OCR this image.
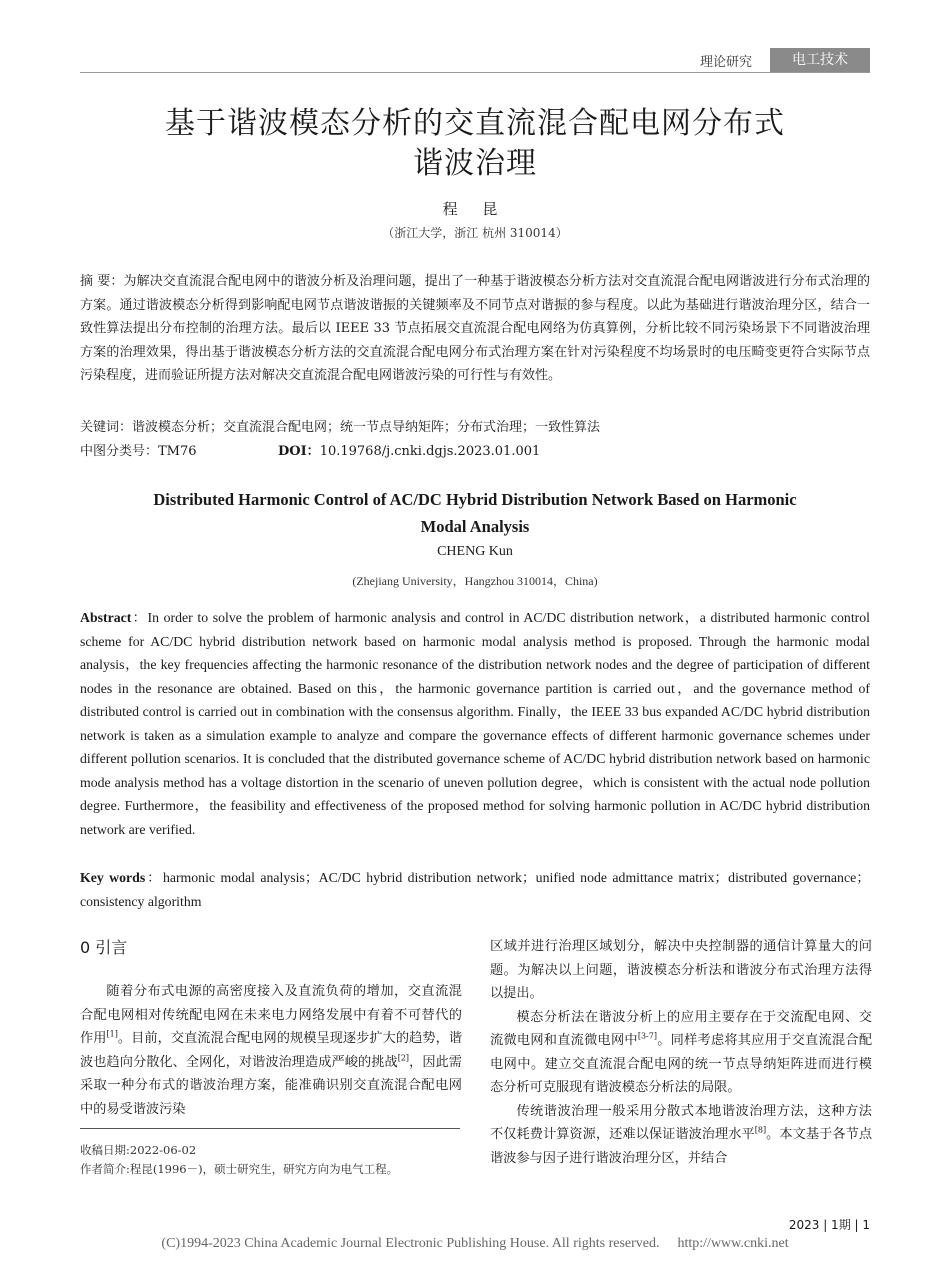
理论研究	电工技术
基于谐波模态分析的交直流混合配电网分布式
谐波治理
程 昆
（浙江大学，浙江 杭州 310014）
摘 要：为解决交直流混合配电网中的谐波分析及治理问题，提出了一种基于谐波模态分析方法对交直流混合配电网谐波进行分布式治理的方案。通过谐波模态分析得到影响配电网节点谐波谐振的关键频率及不同节点对谐振的参与程度。以此为基础进行谐波治理分区，结合一致性算法提出分布控制的治理方法。最后以 IEEE 33 节点拓展交直流混合配电网络为仿真算例，分析比较不同污染场景下不同谐波治理方案的治理效果，得出基于谐波模态分析方法的交直流混合配电网分布式治理方案在针对污染程度不均场景时的电压畸变更符合实际节点污染程度，进而验证所提方法对解决交直流混合配电网谐波污染的可行性与有效性。
关键词：谐波模态分析；交直流混合配电网；统一节点导纳矩阵；分布式治理；一致性算法
中图分类号：TM76	DOI：10.19768/j.cnki.dgjs.2023.01.001
Distributed Harmonic Control of AC/DC Hybrid Distribution Network Based on Harmonic
Modal Analysis
CHENG Kun
(Zhejiang University，Hangzhou 310014，China)
Abstract：In order to solve the problem of harmonic analysis and control in AC/DC distribution network，a distributed harmonic control scheme for AC/DC hybrid distribution network based on harmonic modal analysis method is proposed. Through the harmonic modal analysis，the key frequencies affecting the harmonic resonance of the distribution network nodes and the degree of participation of different nodes in the resonance are obtained. Based on this，the harmonic governance partition is carried out，and the governance method of distributed control is carried out in combination with the consensus algorithm. Finally，the IEEE 33 bus expanded AC/DC hybrid distribution network is taken as a simulation example to analyze and compare the governance effects of different harmonic governance schemes under different pollution scenarios. It is concluded that the distributed governance scheme of AC/DC hybrid distribution network based on harmonic mode analysis method has a voltage distortion in the scenario of uneven pollution degree，which is consistent with the actual node pollution degree. Furthermore，the feasibility and effectiveness of the proposed method for solving harmonic pollution in AC/DC hybrid distribution network are verified.
Key words：harmonic modal analysis；AC/DC hybrid distribution network；unified node admittance matrix；distributed governance；consistency algorithm
0 引言

随着分布式电源的高密度接入及直流负荷的增加，交直流混合配电网相对传统配电网在未来电力网络发展中有着不可替代的作用[1]。目前，交直流混合配电网的规模呈现逐步扩大的趋势，谐波也趋向分散化、全网化，对谐波治理造成严峻的挑战[2]，因此需采取一种分布式的谐波治理方案，能准确识别交直流混合配电网中的易受谐波污染

区域并进行治理区域划分，解决中央控制器的通信计算量大的问题。为解决以上问题，谐波模态分析法和谐波分布式治理方法得以提出。

模态分析法在谐波分析上的应用主要存在于交流配电网、交流微电网和直流微电网中[3-7]。同样考虑将其应用于交直流混合配电网中。建立交直流混合配电网的统一节点导纳矩阵进而进行模态分析可克服现有谐波模态分析法的局限。

传统谐波治理一般采用分散式本地谐波治理方法，这种方法不仅耗费计算资源，还难以保证谐波治理水平[8]。本文基于各节点谐波参与因子进行谐波治理分区，并结合

收稿日期:2022-06-02
作者简介:程昆(1996－)，硕士研究生，研究方向为电气工程。
2023 | 1期 | 1
(C)1994-2023 China Academic Journal Electronic Publishing House. All rights reserved. http://www.cnki.net
